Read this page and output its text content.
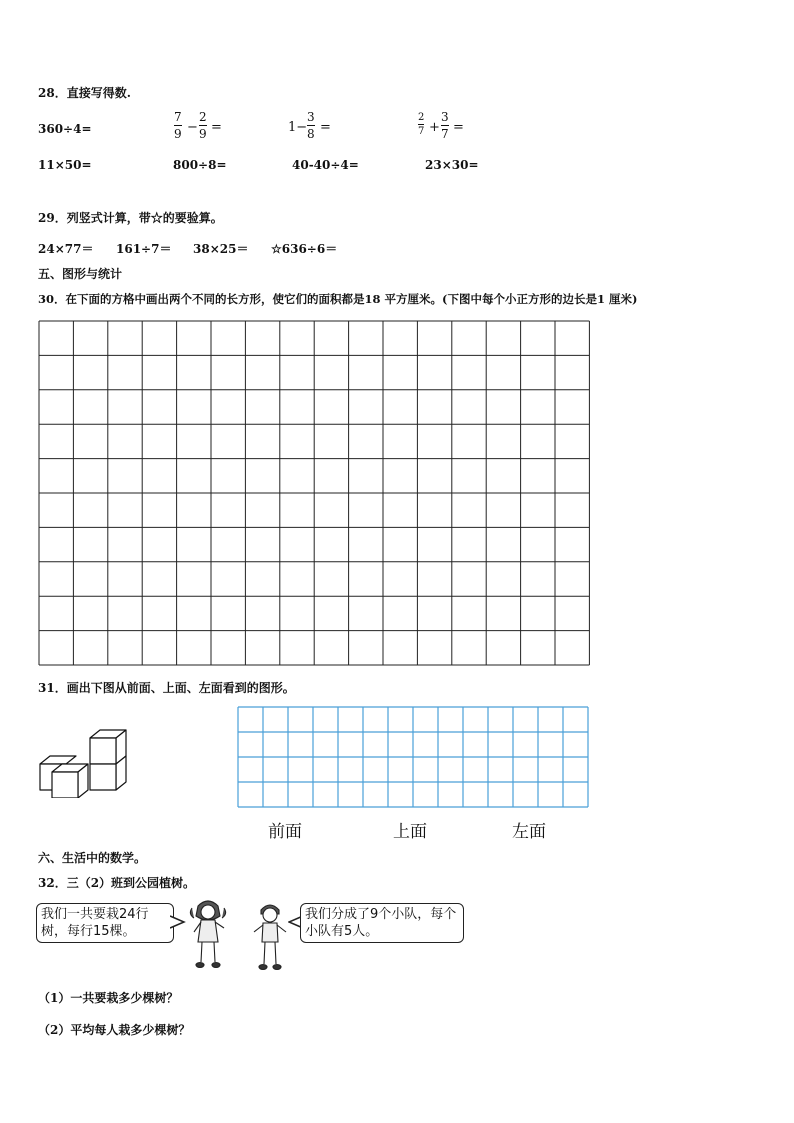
28．直接写得数.
360÷4=
7
9 −
2
9 =	1−
3
8 =
2
7 +
3
7 =
11×50=	800÷8=	40-40÷4=	23×30=
29．列竖式计算，带☆的要验算。
24×77＝ 161÷7＝ 38×25＝ ☆636÷6＝
五、图形与统计
30．在下面的方格中画出两个不同的长方形，使它们的面积都是18 平方厘米。(下图中每个小正方形的边长是1 厘米)
31．画出下图从前面、上面、左面看到的图形。
前面	上面	左面
六、生活中的数学。
32．三（2）班到公园植树。
我们一共要栽24行树，每行15棵。
我们分成了9个小队，每个小队有5人。
（1）一共要栽多少棵树？
（2）平均每人栽多少棵树？
